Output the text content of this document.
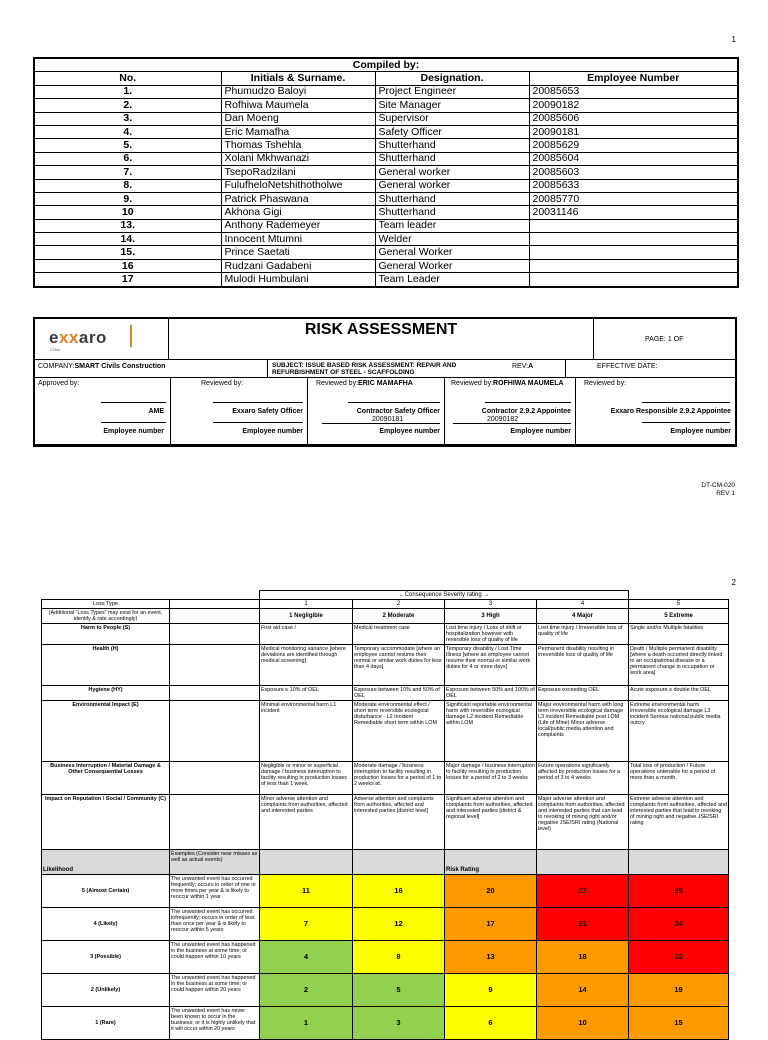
1
Compiled by:			
No.	Initials & Surname.	Designation.	Employee Number
1.	Phumudzo Baloyi	Project Engineer	20085653
2.	Rofhiwa Maumela	Site Manager	20090182
3.	Dan Moeng	Supervisor	20085606
4.	Eric Mamafha	Safety Officer	20090181
5.	Thomas Tshehla	Shutterhand	20085629
6.	Xolani Mkhwanazi	Shutterhand	20085604
7.	TsepoRadzilani	General worker	20085603
8.	FulufheloNetshithotholwe	General worker	20085633
9.	Patrick Phaswana	Shutterhand	20085770
10	Akhona Gigi	Shutterhand	20031146
13.	Anthony Rademeyer	Team leader	
14.	Innocent Mtumni	Welder	
15.	Prince Saetati	General Worker	
16	Rudzani Gadabeni	General Worker	
17	Mulodi Humbulani	Team Leader	
exxaro
COAL
RISK ASSESSMENT
PAGE: 1 OF
COMPANY:SMART Civils Construction	SUBJECT: ISSUE BASED RISK ASSESSMENT: REPAIR AND REFURBISHMENT OF STEEL - SCAFFOLDING
REV:A	EFFECTIVE DATE:
Approved by:
AME
Employee number
Reviewed by:
Exxaro Safety Officer
Employee number
Reviewed by:ERIC MAMAFHA
Contractor Safety Officer
20090181
Employee number
Reviewed by:ROFHIWA MAUMELA
Contractor 2.9.2 Appointee
20090182
Employee number
Reviewed by:
Exxaro Responsible 2.9.2 Appointee
Employee number
DT-CM-020
REV 1
2
		←Consequence Severity rating →				
Loss Type		1	2	3	4	5
(Additional “Loss Types” may exist for an event, identify & rate accordingly)		1 Negligible	2 Moderate	3 High	4 Major	5 Extreme
Harm to People (S)		First aid case /	Medical treatment case	Lost time injury / Loss of shift or hospitalization however with reversible loss of quality of life	Lost time injury / Irreversible loss of quality of life	Single and/or Multiple fatalities
Health (H)		Medical monitoring variance [where deviations are identified through medical screening]	Temporary accommodate [where an employee cannot resume their normal or similar work duties for less than 4 days]	Temporary disability / Lost Time Illness [where an employee cannot resume their normal or similar work duties for 4 or more days]	Permanent disability resulting in irreversible loss of quality of life	Death / Multiple permanent disability [where a death occurred directly linked to an occupational disease or a permanent change in occupation or work area]
Hygiene (HY)		Exposure ≤ 10% of OEL	Exposure between 10% and 50% of OEL	Exposure between 50% and 100% of OEL	Exposure exceeding OEL	Acute exposure ≥ double the OEL
Environmental Impact (E)		Minimal environmental harm L1 incident	Moderate environmental effect / short term reversible ecological disturbance - L2 Incident Remediable short term within LOM	Significant reportable environmental harm with reversible ecological damage L2 incident Remediable within LOM	Major environmental harm with long term irreversible ecological damage L3 incident Remediable post LOM (Life of Mine) Minor adverse local/public media attention and complaints	Extreme environmental harm irreversible ecological damage L3 incident Serious national public media outcry
Business Interruption / Material Damage & Other Consequential Losses		Negligible or minor or superficial damage / business interruption to facility resulting in production losses of less than 1 week.	Moderate damage / business interruption to facility resulting in production losses for a period of 1 to 2 weeks at.	Major damage / business interruption to facility resulting in production losses for a period of 2 to 3 weeks	Future operations significantly affected by production losses for a period of 3 to 4 weeks	Total loss of production / Future operations untenable for a period of more than a month.
Impact on Reputation / Social / Community (C)		Minor adverse attention and complaints from authorities, affected and interested parties	Adverse attention and complaints from authorities, affected and interested parties [district level]	Significant adverse attention and complaints from authorities, affected and interested parties [district & regional level]	Major adverse attention and complaints from authorities, affected and interested parties that can lead to revoking of mining right and/or negative JSE/SRI rating (National level)	Extreme adverse attention and complaints from authorities, affected and interested parties that lead to revoking of mining right and negative JSE/SRI rating
Likelihood	Examples (Consider near misses as well as actual events)			Risk Rating		
5 (Almost Certain)	The unwanted event has occurred frequently; occurs in order of one or more times per year & is likely to reoccur within 1 year	11	16	20	23	25
4 (Likely)	The unwanted event has occurred infrequently; occurs in order of less than once per year & is likely to reoccur within 5 years	7	12	17	21	24
3 (Possible)	The unwanted event has happened in the business at some time; or could happen within 10 years	4	8	13	18	22
2 (Unlikely)	The unwanted event has happened in the business at some time; or could happen within 20 years	2	5	9	14	19
1 (Rare)	The unwanted event has never been known to occur in the business; or it is highly unlikely that it will occur within 20 years	1	3	6	10	15
